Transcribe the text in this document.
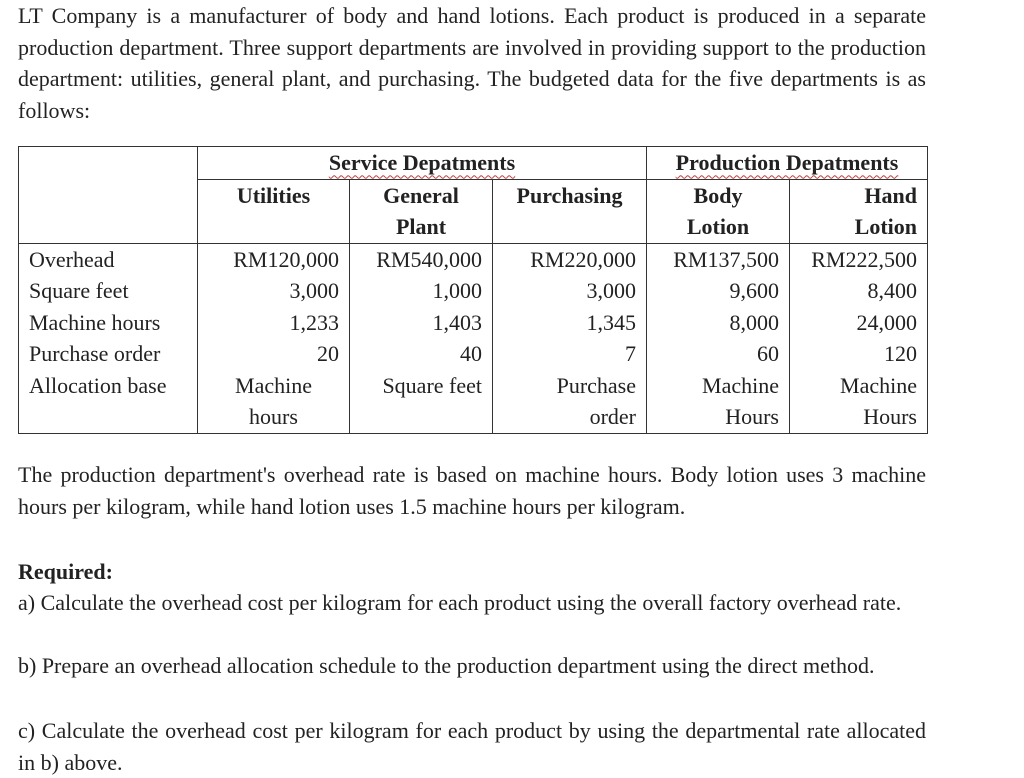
LT Company is a manufacturer of body and hand lotions. Each product is produced in a separate production department. Three support departments are involved in providing support to the production department: utilities, general plant, and purchasing. The budgeted data for the five departments is as follows:

	Service Depatments			Production Depatments	
	Utilities	General	Purchasing	Body	Hand
		Plant		Lotion	Lotion
Overhead	RM120,000	RM540,000	RM220,000	RM137,500	RM222,500
Square feet	3,000	1,000	3,000	9,600	8,400
Machine hours	1,233	1,403	1,345	8,000	24,000
Purchase order	20	40	7	60	120
Allocation base	Machine	Square feet	Purchase	Machine	Machine
	hours		order	Hours	Hours

The production department's overhead rate is based on machine hours. Body lotion uses 3 machine hours per kilogram, while hand lotion uses 1.5 machine hours per kilogram.

Required:

a) Calculate the overhead cost per kilogram for each product using the overall factory overhead rate.

b) Prepare an overhead allocation schedule to the production department using the direct method.

c) Calculate the overhead cost per kilogram for each product by using the departmental rate allocated in b) above.
